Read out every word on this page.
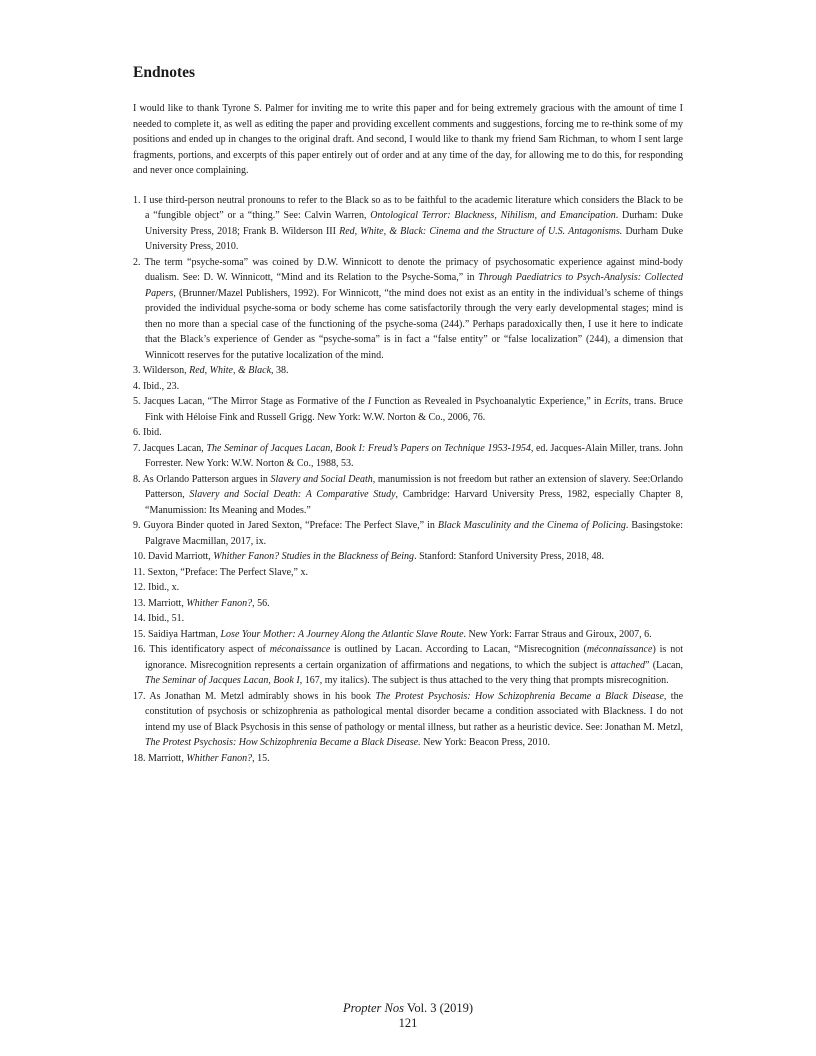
Endnotes

I would like to thank Tyrone S. Palmer for inviting me to write this paper and for being extremely gracious with the amount of time I needed to complete it, as well as editing the paper and providing excellent comments and suggestions, forcing me to re-think some of my positions and ended up in changes to the original draft. And second, I would like to thank my friend Sam Richman, to whom I sent large fragments, portions, and excerpts of this paper entirely out of order and at any time of the day, for allowing me to do this, for responding and never once complaining.

1. I use third-person neutral pronouns to refer to the Black so as to be faithful to the academic literature which considers the Black to be a “fungible object” or a “thing.” See: Calvin Warren, Ontological Terror: Blackness, Nihilism, and Emancipation. Durham: Duke University Press, 2018; Frank B. Wilderson III Red, White, & Black: Cinema and the Structure of U.S. Antagonisms. Durham Duke University Press, 2010.
2. The term “psyche-soma” was coined by D.W. Winnicott to denote the primacy of psychosomatic experience against mind-body dualism. See: D. W. Winnicott, “Mind and its Relation to the Psyche-Soma,” in Through Paediatrics to Psych-Analysis: Collected Papers, (Brunner/Mazel Publishers, 1992). For Winnicott, “the mind does not exist as an entity in the individual’s scheme of things provided the individual psyche-soma or body scheme has come satisfactorily through the very early developmental stages; mind is then no more than a special case of the functioning of the psyche-soma (244).” Perhaps paradoxically then, I use it here to indicate that the Black’s experience of Gender as “psyche-soma” is in fact a “false entity” or “false localization” (244), a dimension that Winnicott reserves for the putative localization of the mind.
3. Wilderson, Red, White, & Black, 38.
4. Ibid., 23.
5. Jacques Lacan, “The Mirror Stage as Formative of the I Function as Revealed in Psychoanalytic Experience,” in Ecrits, trans. Bruce Fink with Héloise Fink and Russell Grigg. New York: W.W. Norton & Co., 2006, 76.
6. Ibid.
7. Jacques Lacan, The Seminar of Jacques Lacan, Book I: Freud’s Papers on Technique 1953-1954, ed. Jacques-Alain Miller, trans. John Forrester. New York: W.W. Norton & Co., 1988, 53.
8. As Orlando Patterson argues in Slavery and Social Death, manumission is not freedom but rather an extension of slavery. See:Orlando Patterson, Slavery and Social Death: A Comparative Study, Cambridge: Harvard University Press, 1982, especially Chapter 8, “Manumission: Its Meaning and Modes.”
9. Guyora Binder quoted in Jared Sexton, “Preface: The Perfect Slave,” in Black Masculinity and the Cinema of Policing. Basingstoke: Palgrave Macmillan, 2017, ix.
10. David Marriott, Whither Fanon? Studies in the Blackness of Being. Stanford: Stanford University Press, 2018, 48.
11. Sexton, “Preface: The Perfect Slave,” x.
12. Ibid., x.
13. Marriott, Whither Fanon?, 56.
14. Ibid., 51.
15. Saidiya Hartman, Lose Your Mother: A Journey Along the Atlantic Slave Route. New York: Farrar Straus and Giroux, 2007, 6.
16. This identificatory aspect of méconaissance is outlined by Lacan. According to Lacan, “Misrecognition (méconnaissance) is not ignorance. Misrecognition represents a certain organization of affirmations and negations, to which the subject is attached” (Lacan, The Seminar of Jacques Lacan, Book I, 167, my italics). The subject is thus attached to the very thing that prompts misrecognition.
17. As Jonathan M. Metzl admirably shows in his book The Protest Psychosis: How Schizophrenia Became a Black Disease, the constitution of psychosis or schizophrenia as pathological mental disorder became a condition associated with Blackness. I do not intend my use of Black Psychosis in this sense of pathology or mental illness, but rather as a heuristic device. See: Jonathan M. Metzl, The Protest Psychosis: How Schizophrenia Became a Black Disease. New York: Beacon Press, 2010.
18. Marriott, Whither Fanon?, 15.
Propter Nos Vol. 3 (2019)
121
